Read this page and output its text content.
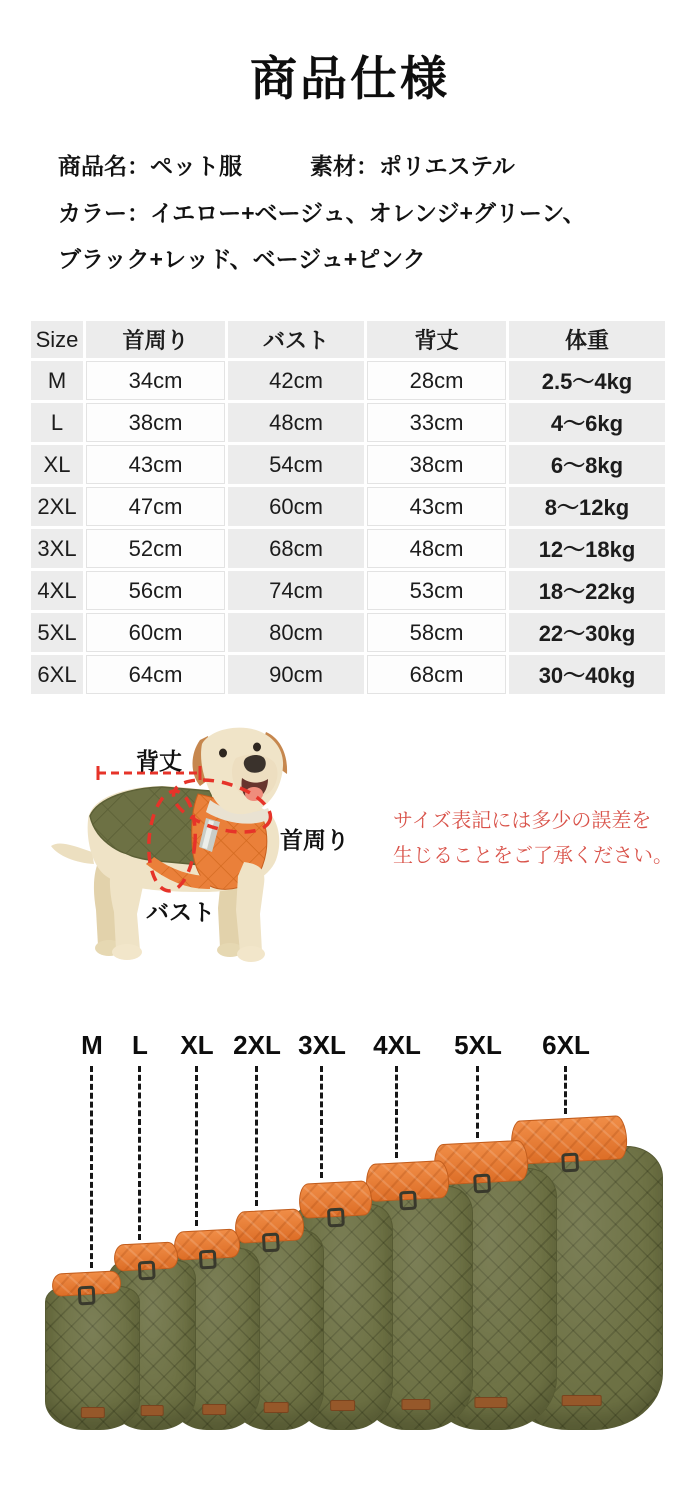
商品仕様
商品名：ペット服	素材：ポリエステル
カラー：イエロー+ベージュ、オレンジ+グリーン、
ブラック+レッド、ベージュ+ピンク
Size	首周り	バスト	背丈	体重
M	34cm	42cm	28cm	2.5〜4kg
L	38cm	48cm	33cm	4〜6kg
XL	43cm	54cm	38cm	6〜8kg
2XL	47cm	60cm	43cm	8〜12kg
3XL	52cm	68cm	48cm	12〜18kg
4XL	56cm	74cm	53cm	18〜22kg
5XL	60cm	80cm	58cm	22〜30kg
6XL	64cm	90cm	68cm	30〜40kg
背丈
首周り
バスト
サイズ表記には多少の誤差を
生じることをご了承ください。
M	L	XL 2XL 3XL	4XL	5XL	6XL
